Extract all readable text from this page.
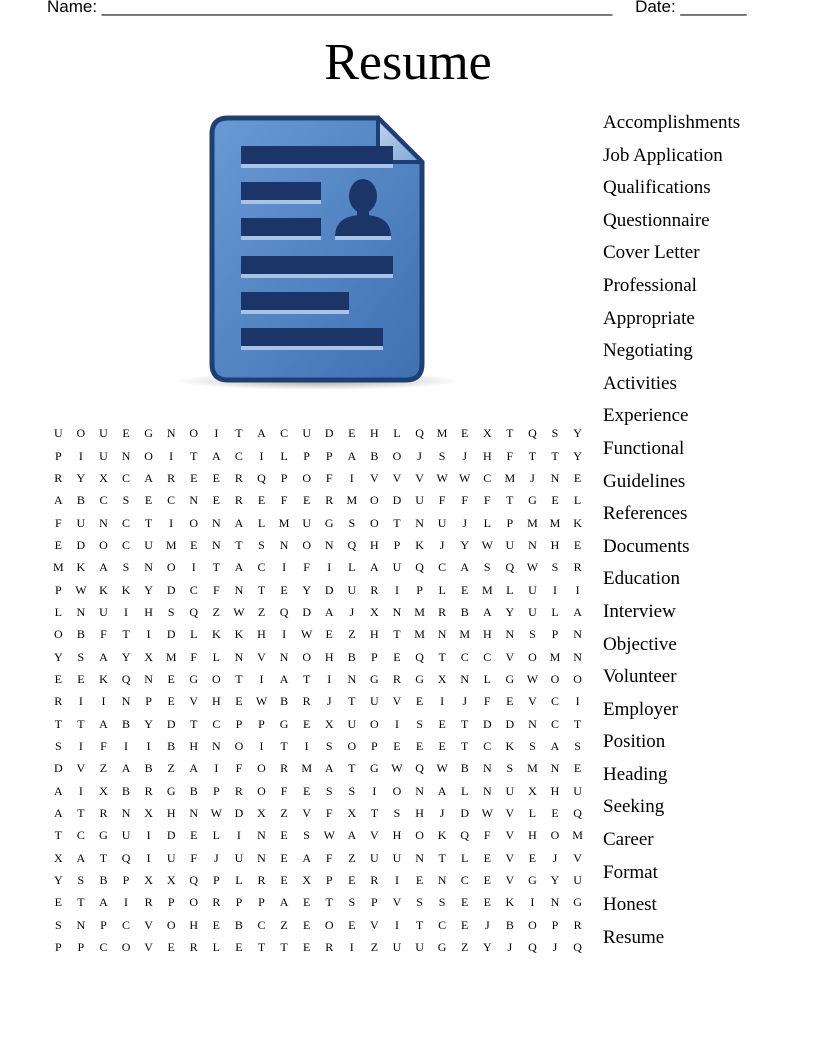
Name: ______________________________________________________ Date: _______
Resume
U	O	U	E	G	N	O	I	T	A	C	U	D	E	H	L	Q	M	E	X	T	Q	S	Y
P	I	U	N	O	I	T	A	C	I	L	P	P	A	B	O	J	S	J	H	F	T	T	Y
R	Y	X	C	A	R	E	E	R	Q	P	O	F	I	V	V	V	W W	C	M	J	N	E
A	B	C	S	E	C	N	E	R	E	F	E	R	M	O	D	U	F	F	F	T	G	E	L
F	U	N	C	T	I	O	N	A	L	M	U	G	S	O	T	N	U	J	L	P	M M	K
E	D	O	C	U	M	E	N	T	S	N	O	N	Q	H	P	K	J	Y	W	U	N	H	E
M	K	A	S	N	O	I	T	A	C	I	F	I	L	A	U	Q	C	A	S	Q	W	S	R
P	W	K	K	Y	D	C	F	N	T	E	Y	D	U	R	I	P	L	E	M	L	U	I	I
L	N	U	I	H	S	Q	Z	W	Z	Q	D	A	J	X	N	M	R	B	A	Y	U	L	A
O	B	F	T	I	D	L	K	K	H	I	W	E	Z	H	T	M	N	M	H	N	S	P	N
Y	S	A	Y	X	M	F	L	N	V	N	O	H	B	P	E	Q	T	C	C	V	O	M	N
E	E	K	Q	N	E	G	O	T	I	A	T	I	N	G	R	G	X	N	L	G	W	O	O
R	I	I	N	P	E	V	H	E	W	B	R	J	T	U	V	E	I	J	F	E	V	C	I
T	T	A	B	Y	D	T	C	P	P	G	E	X	U	O	I	S	E	T	D	D	N	C	T
S	I	F	I	I	B	H	N	O	I	T	I	S	O	P	E	E	E	T	C	K	S	A	S
D	V	Z	A	B	Z	A	I	F	O	R	M	A	T	G	W	Q	W	B	N	S	M	N	E
A	I	X	B	R	G	B	P	R	O	F	E	S	S	I	O	N	A	L	N	U	X	H	U
A	T	R	N	X	H	N	W	D	X	Z	V	F	X	T	S	H	J	D	W	V	L	E	Q
T	C	G	U	I	D	E	L	I	N	E	S	W	A	V	H	O	K	Q	F	V	H	O	M
X	A	T	Q	I	U	F	J	U	N	E	A	F	Z	U	U	N	T	L	E	V	E	J	V
Y	S	B	P	X	X	Q	P	L	R	E	X	P	E	R	I	E	N	C	E	V	G	Y	U
E	T	A	I	R	P	O	R	P	P	A	E	T	S	P	V	S	S	E	E	K	I	N	G
S	N	P	C	V	O	H	E	B	C	Z	E	O	E	V	I	T	C	E	J	B	O	P	R
P	P	C	O	V	E	R	L	E	T	T	E	R	I	Z	U	U	G	Z	Y	J	Q	J	Q
Accomplishments
Job Application
Qualifications
Questionnaire
Cover Letter
Professional
Appropriate
Negotiating
Activities
Experience
Functional
Guidelines
References
Documents
Education
Interview
Objective
Volunteer
Employer
Position
Heading
Seeking
Career
Format
Honest
Resume
